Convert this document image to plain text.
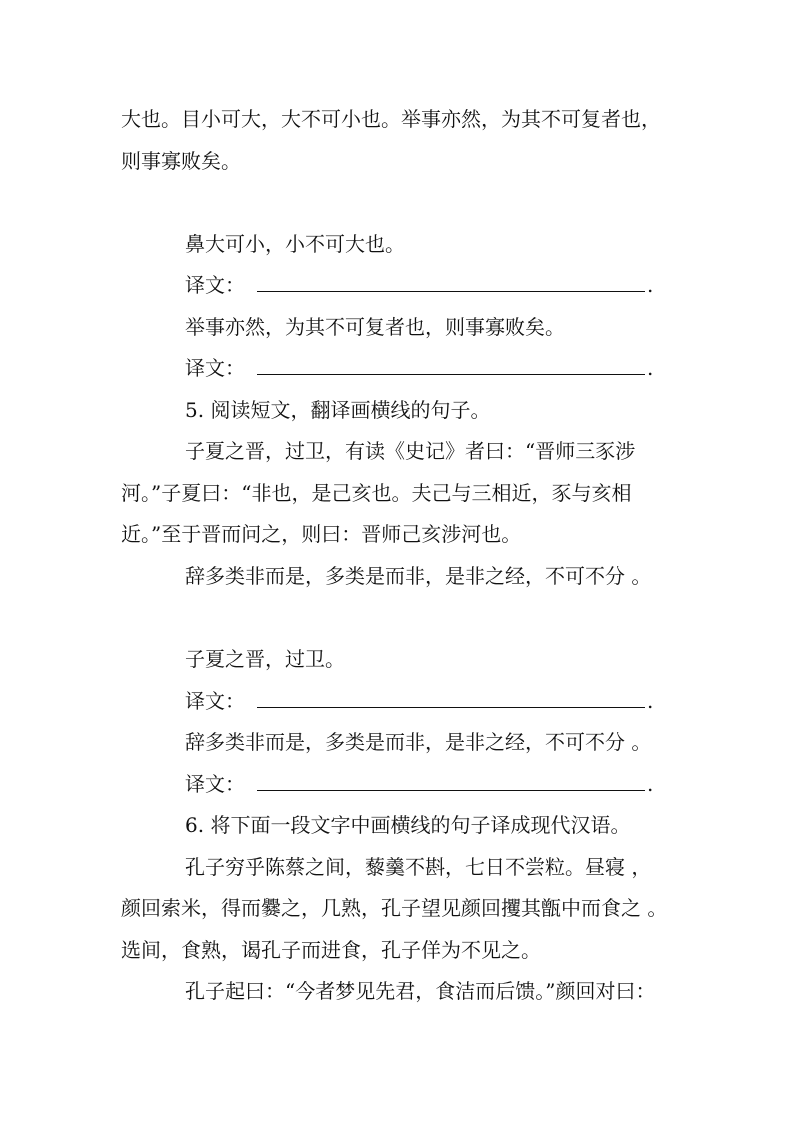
大也。目小可大，大不可小也。举事亦然，为其不可复者也，

则事寡败矣。

鼻大可小，小不可大也。

译文：	.

举事亦然，为其不可复者也，则事寡败矣。

译文：	.

5. 阅读短文，翻译画横线的句子。

子夏之晋，过卫，有读《史记》者曰：“晋师三豕涉

河。”子夏曰：“非也，是己亥也。夫己与三相近，豕与亥相

近。”至于晋而问之，则曰：晋师己亥涉河也。

辞多类非而是，多类是而非，是非之经，不可不分 。

子夏之晋，过卫。

译文：	.

辞多类非而是，多类是而非，是非之经，不可不分 。

译文：	.

6. 将下面一段文字中画横线的句子译成现代汉语。

孔子穷乎陈蔡之间，藜羹不斟，七日不尝粒。昼寝 ，

颜回索米，得而爨之，几熟，孔子望见颜回攫其甑中而食之 。

选间，食熟，谒孔子而进食，孔子佯为不见之。

孔子起曰：“今者梦见先君，食洁而后馈。”颜回对曰：
